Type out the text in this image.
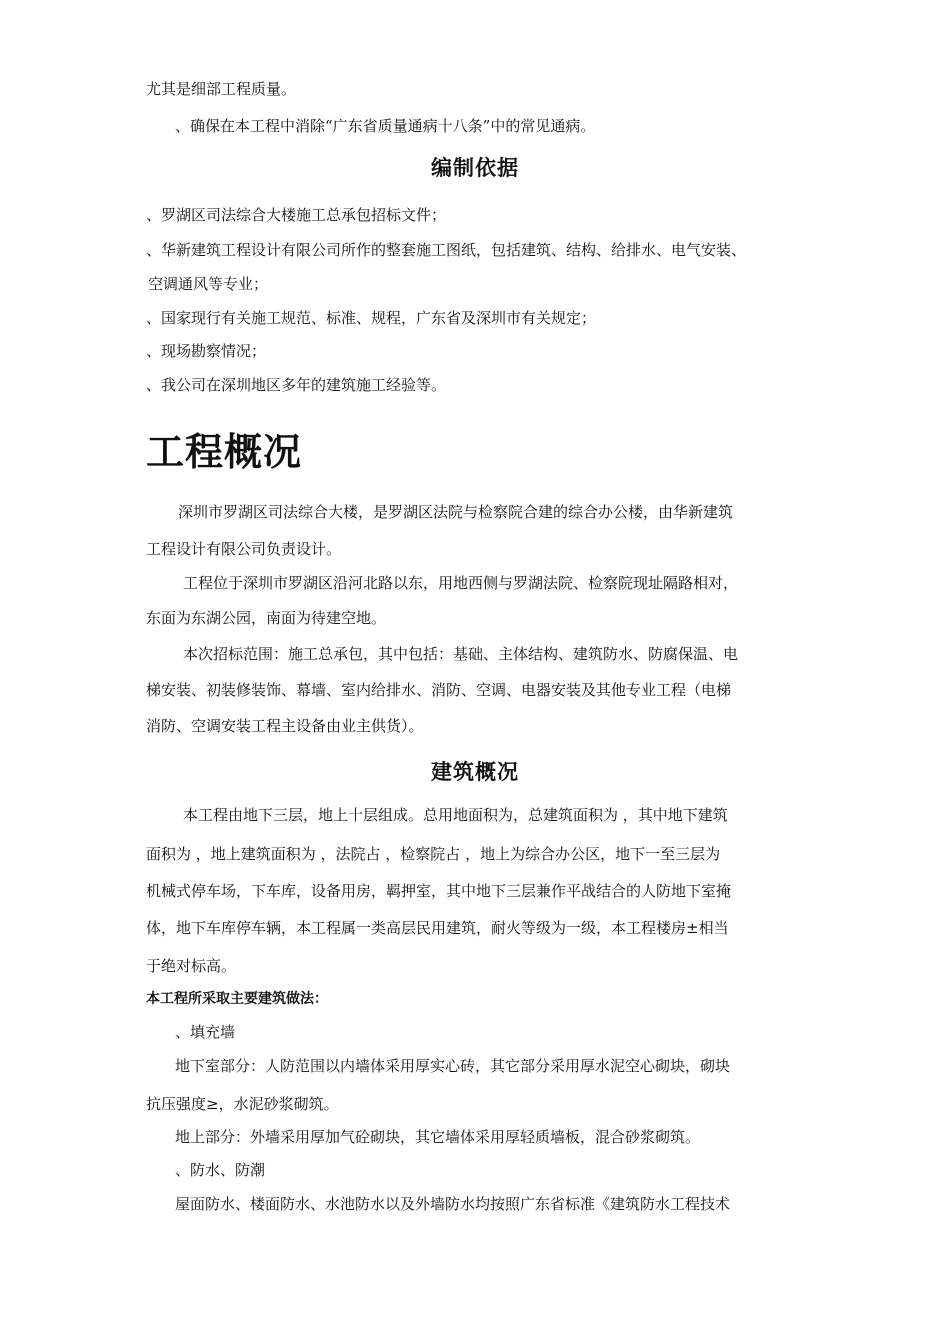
尤其是细部工程质量。
、确保在本工程中消除“广东省质量通病十八条”中的常见通病。
编制依据
、罗湖区司法综合大楼施工总承包招标文件；
、华新建筑工程设计有限公司所作的整套施工图纸，包括建筑、结构、给排水、电气安装、
空调通风等专业；
、国家现行有关施工规范、标准、规程，广东省及深圳市有关规定；
、现场勘察情况；
、我公司在深圳地区多年的建筑施工经验等。
工程概况
深圳市罗湖区司法综合大楼，是罗湖区法院与检察院合建的综合办公楼，由华新建筑
工程设计有限公司负责设计。
工程位于深圳市罗湖区沿河北路以东，用地西侧与罗湖法院、检察院现址隔路相对，
东面为东湖公园，南面为待建空地。
本次招标范围：施工总承包，其中包括：基础、主体结构、建筑防水、防腐保温、电
梯安装、初装修装饰、幕墙、室内给排水、消防、空调、电器安装及其他专业工程（电梯
消防、空调安装工程主设备由业主供货）。
建筑概况
本工程由地下三层，地上十层组成。总用地面积为，总建筑面积为 ，其中地下建筑
面积为 ，地上建筑面积为 ，法院占 ，检察院占 ，地上为综合办公区，地下一至三层为
机械式停车场，下车库，设备用房，羁押室，其中地下三层兼作平战结合的人防地下室掩
体，地下车库停车辆，本工程属一类高层民用建筑，耐火等级为一级，本工程楼房±相当
于绝对标高。
本工程所采取主要建筑做法：
、填充墙
地下室部分：人防范围以内墙体采用厚实心砖，其它部分采用厚水泥空心砌块，砌块
抗压强度≥，水泥砂浆砌筑。
地上部分：外墙采用厚加气砼砌块，其它墙体采用厚轻质墙板，混合砂浆砌筑。
、防水、防潮
屋面防水、楼面防水、水池防水以及外墙防水均按照广东省标准《建筑防水工程技术
